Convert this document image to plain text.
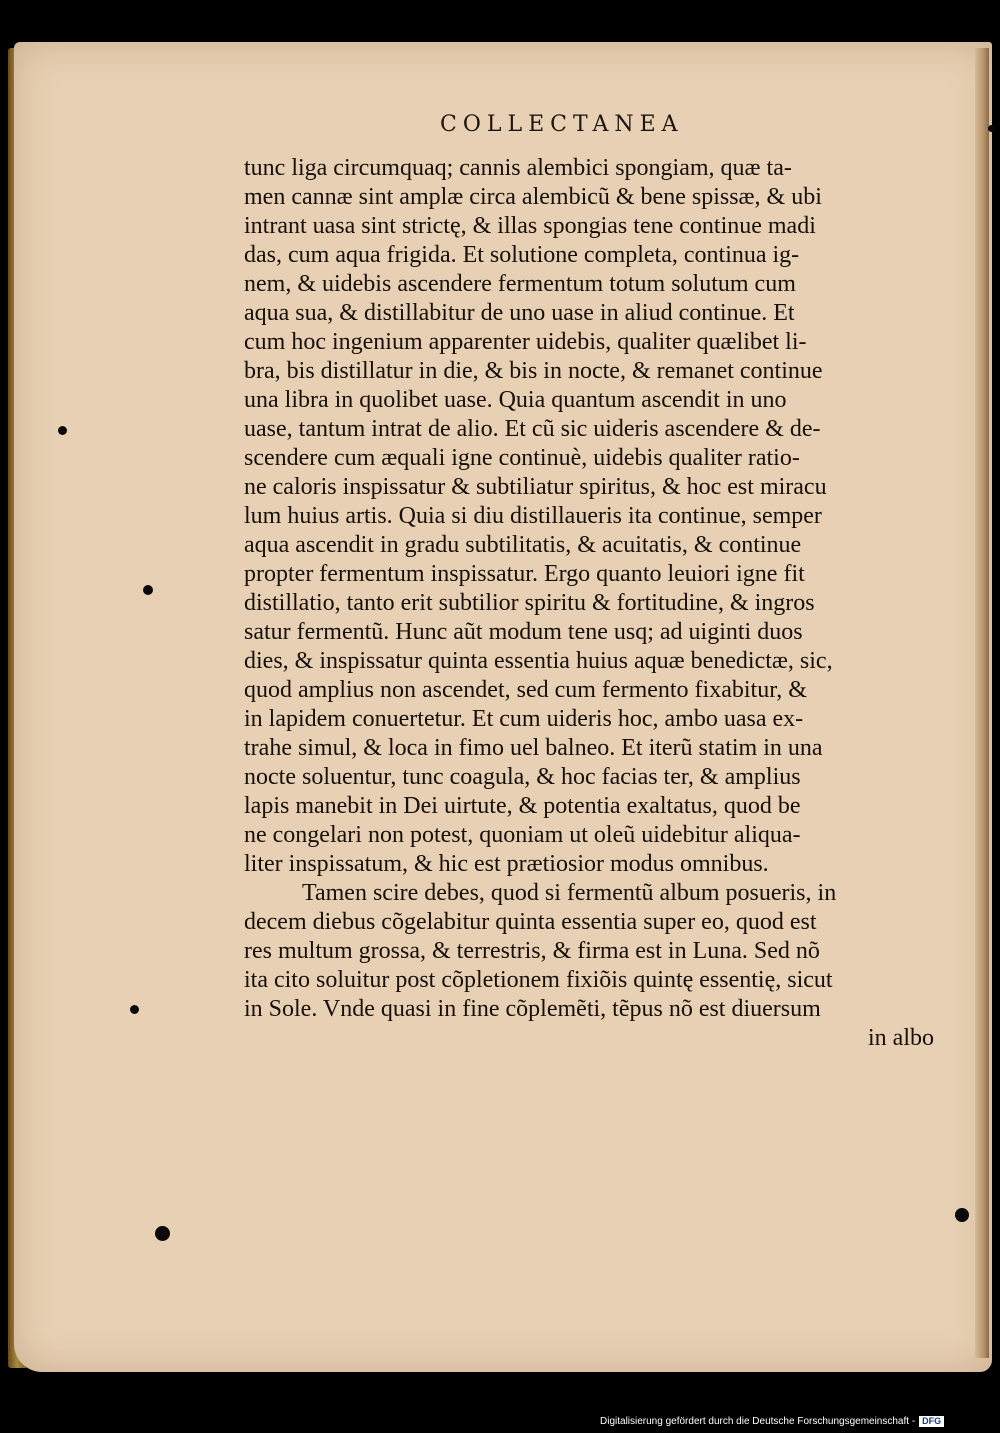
COLLECTANEA
tunc liga circumquaq; cannis alembici spongiam, quæ ta-
men cannæ sint amplæ circa alembicũ & bene spissæ, & ubi
intrant uasa sint strictę, & illas spongias tene continue madi
das, cum aqua frigida. Et solutione completa, continua ig-
nem, & uidebis ascendere fermentum totum solutum cum
aqua sua, & distillabitur de uno uase in aliud continue. Et
cum hoc ingenium apparenter uidebis, qualiter quælibet li-
bra, bis distillatur in die, & bis in nocte, & remanet continue
una libra in quolibet uase. Quia quantum ascendit in uno
uase, tantum intrat de alio. Et cũ sic uideris ascendere & de-
scendere cum æquali igne continuè, uidebis qualiter ratio-
ne caloris inspissatur & subtiliatur spiritus, & hoc est miracu
lum huius artis. Quia si diu distillaueris ita continue, semper
aqua ascendit in gradu subtilitatis, & acuitatis, & continue
propter fermentum inspissatur. Ergo quanto leuiori igne fit
distillatio, tanto erit subtilior spiritu & fortitudine, & ingros
satur fermentũ. Hunc aũt modum tene usq; ad uiginti duos
dies, & inspissatur quinta essentia huius aquæ benedictæ, sic,
quod amplius non ascendet, sed cum fermento fixabitur, &
in lapidem conuertetur. Et cum uideris hoc, ambo uasa ex-
trahe simul, & loca in fimo uel balneo. Et iterũ statim in una
nocte soluentur, tunc coagula, & hoc facias ter, & amplius
lapis manebit in Dei uirtute, & potentia exaltatus, quod be
ne congelari non potest, quoniam ut oleũ uidebitur aliqua-
liter inspissatum, & hic est prætiosior modus omnibus.
Tamen scire debes, quod si fermentũ album posueris, in
decem diebus cõgelabitur quinta essentia super eo, quod est
res multum grossa, & terrestris, & firma est in Luna. Sed nõ
ita cito soluitur post cõpletionem fixiõis quintę essentię, sicut
in Sole. Vnde quasi in fine cõplemẽti, tẽpus nõ est diuersum
in albo
Digitalisierung gefördert durch die Deutsche Forschungsgemeinschaft - DFG
